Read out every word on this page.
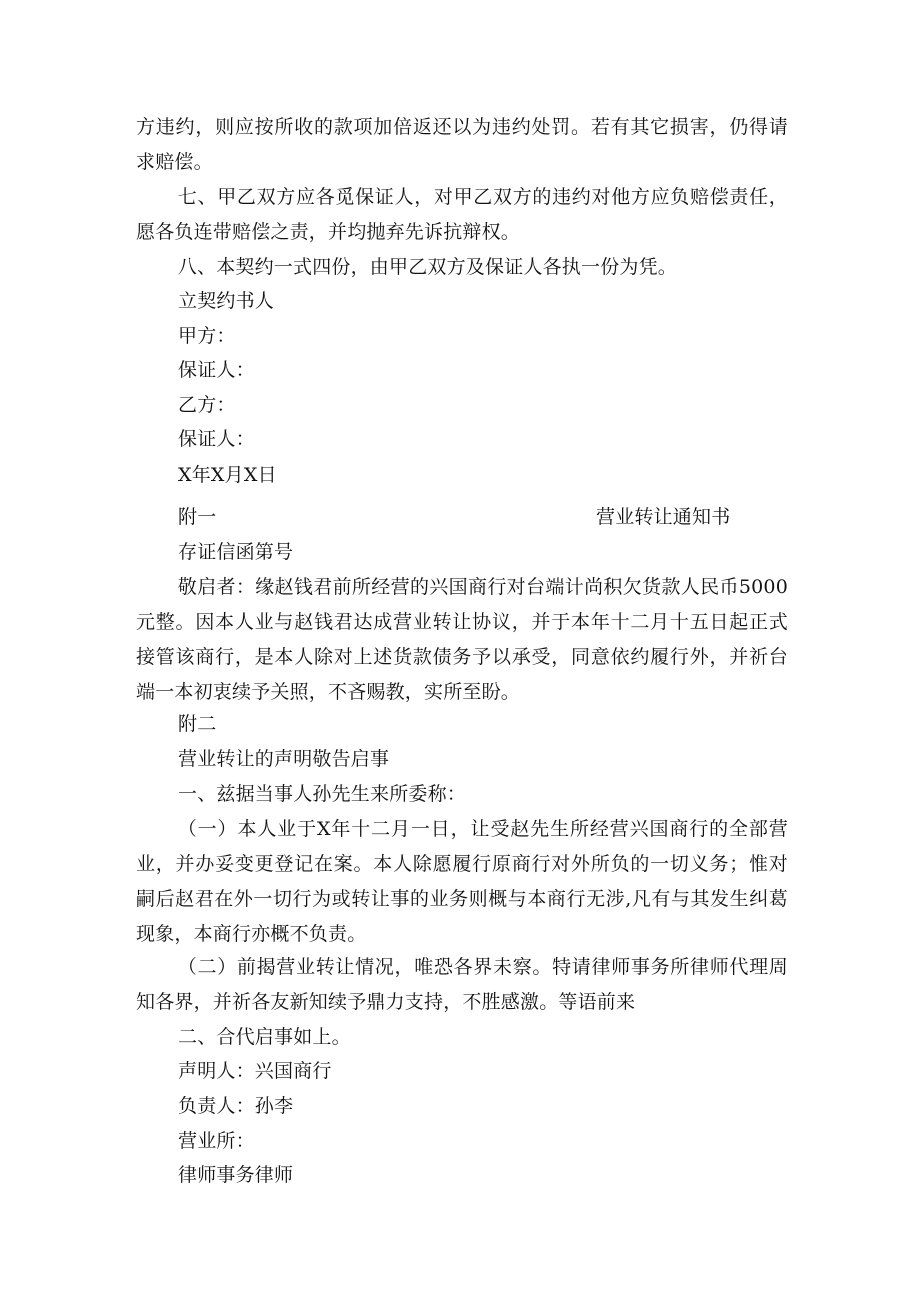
方违约，则应按所收的款项加倍返还以为违约处罚。若有其它损害，仍得请求赔偿。

七、甲乙双方应各觅保证人，对甲乙双方的违约对他方应负赔偿责任，愿各负连带赔偿之责，并均抛弃先诉抗辩权。

八、本契约一式四份，由甲乙双方及保证人各执一份为凭。

立契约书人

甲方：

保证人：

乙方：

保证人：

X年X月X日

附一	营业转让通知书

存证信函第号

敬启者：缘赵钱君前所经营的兴国商行对台端计尚积欠货款人民币5000元整。因本人业与赵钱君达成营业转让协议，并于本年十二月十五日起正式接管该商行，是本人除对上述货款债务予以承受，同意依约履行外，并祈台端一本初衷续予关照，不吝赐教，实所至盼。

附二

营业转让的声明敬告启事

一、兹据当事人孙先生来所委称：

（一）本人业于X年十二月一日，让受赵先生所经营兴国商行的全部营业，并办妥变更登记在案。本人除愿履行原商行对外所负的一切义务；惟对嗣后赵君在外一切行为或转让事的业务则概与本商行无涉,凡有与其发生纠葛现象，本商行亦概不负责。

（二）前揭营业转让情况，唯恐各界未察。特请律师事务所律师代理周知各界，并祈各友新知续予鼎力支持，不胜感激。等语前来

二、合代启事如上。

声明人：兴国商行

负责人：孙李

营业所：

律师事务律师
